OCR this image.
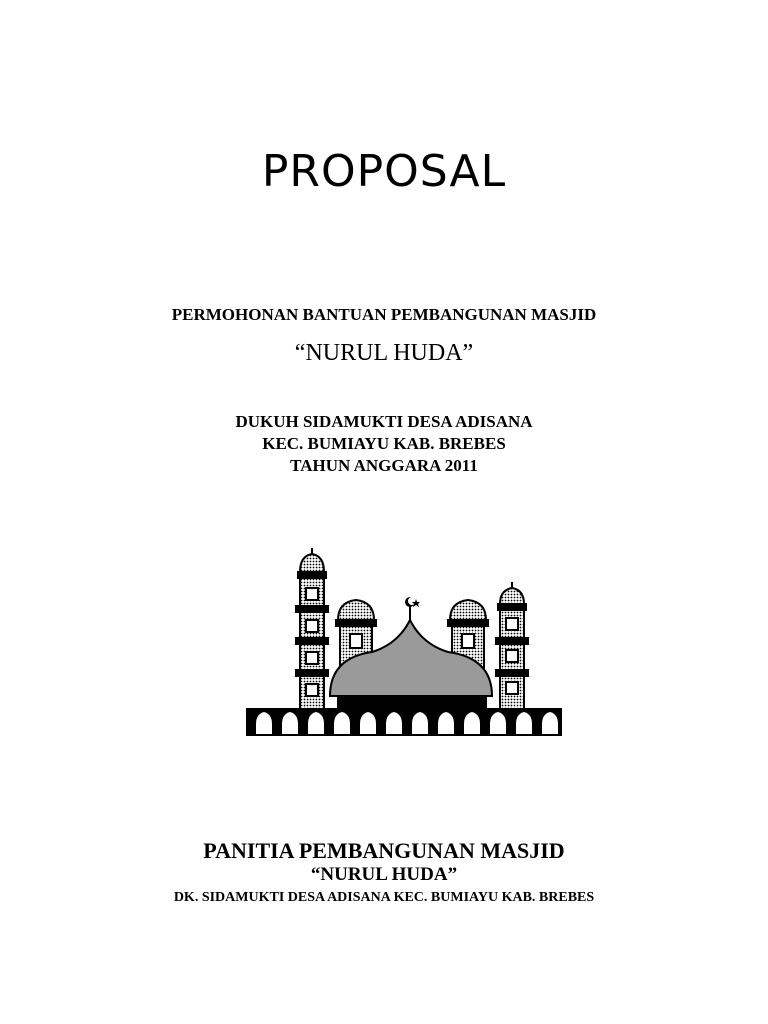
PROPOSAL
PERMOHONAN BANTUAN PEMBANGUNAN MASJID
“NURUL HUDA”
DUKUH SIDAMUKTI DESA ADISANA
KEC. BUMIAYU KAB. BREBES
TAHUN ANGGARA 2011
PANITIA PEMBANGUNAN MASJID
“NURUL HUDA”
DK. SIDAMUKTI DESA ADISANA KEC. BUMIAYU KAB. BREBES
